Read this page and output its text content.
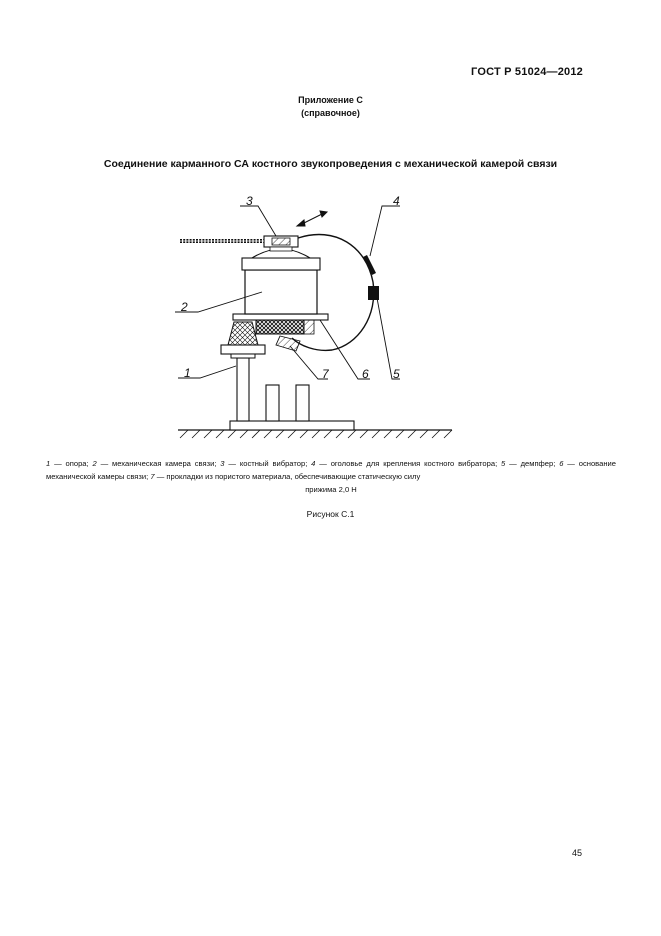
ГОСТ Р 51024—2012
Приложение С
(справочное)
Соединение карманного СА костного звукопроведения с механической камерой связи
3
2
1
4
5
6
7
1 — опора; 2 — механическая камера связи; 3 — костный вибратор; 4 — оголовье для крепления костного вибратора; 5 — демпфер; 6 — основание механической камеры связи; 7 — прокладки из пористого материала, обеспечивающие статическую силу
прижима 2,0 Н
Рисунок С.1
45
